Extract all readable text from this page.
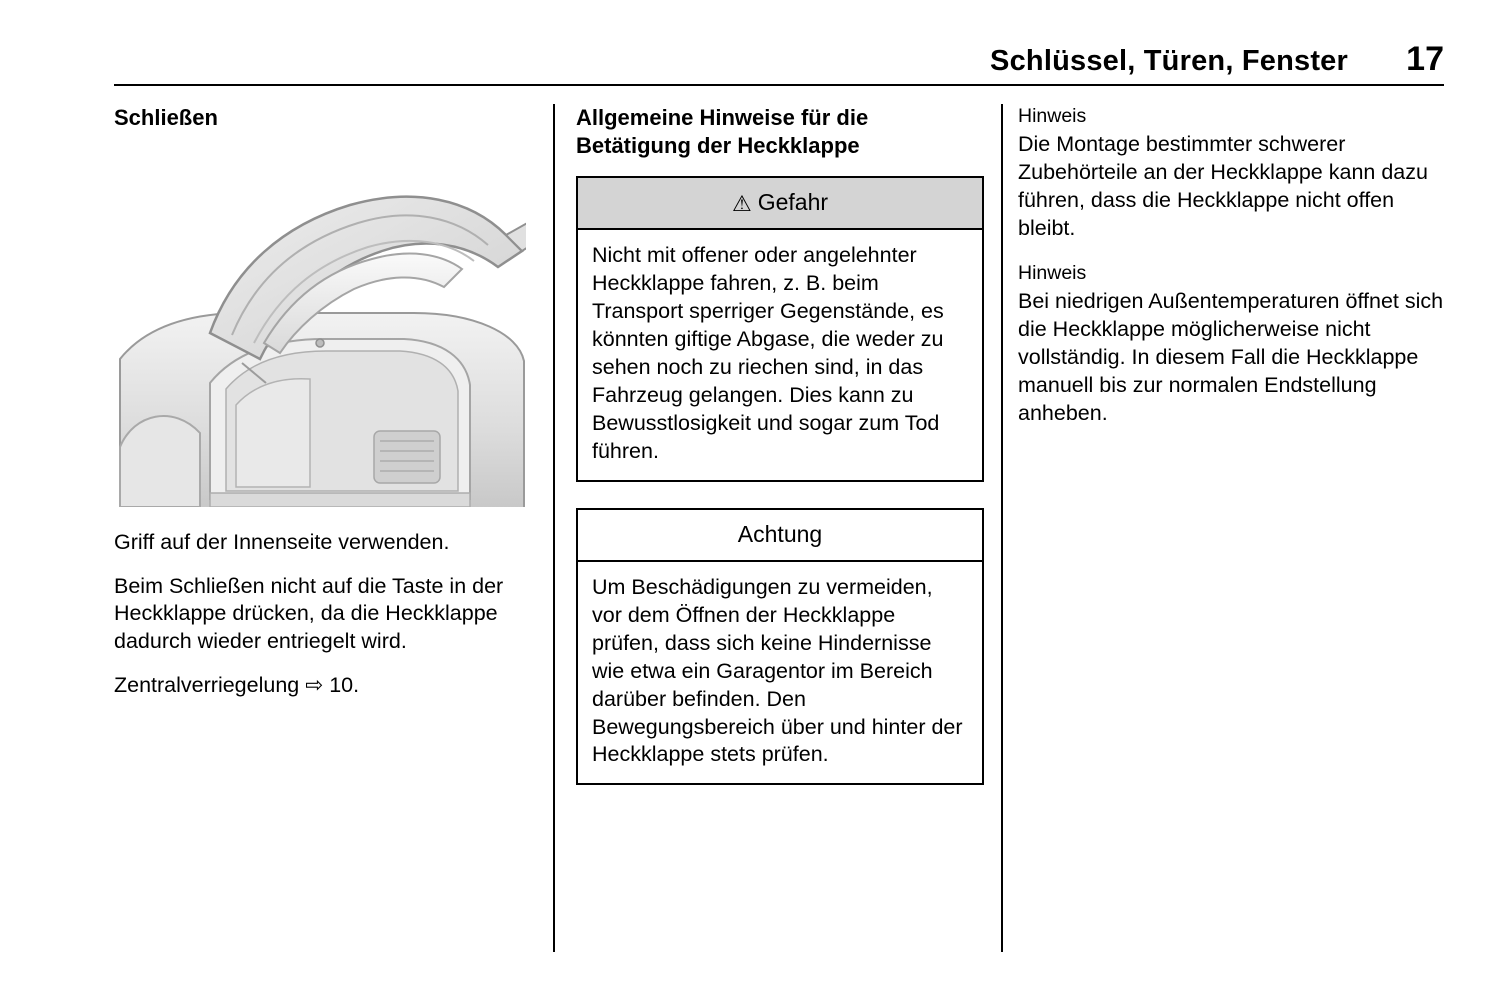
Schlüssel, Türen, Fenster	17
Schließen

Griff auf der Innenseite verwenden.

Beim Schließen nicht auf die Taste in der Heckklappe drücken, da die Heckklappe dadurch wieder entriegelt wird.

Zentralverriegelung ⇨ 10.

Allgemeine Hinweise für die Betätigung der Heckklappe
⚠ Gefahr
Nicht mit offener oder angelehnter Heckklappe fahren, z. B. beim Transport sperriger Gegenstände, es könnten giftige Abgase, die weder zu sehen noch zu riechen sind, in das Fahrzeug gelangen. Dies kann zu Bewusstlosigkeit und sogar zum Tod führen.
Achtung
Um Beschädigungen zu vermeiden, vor dem Öffnen der Heckklappe prüfen, dass sich keine Hindernisse wie etwa ein Garagentor im Bereich darüber befinden. Den Bewegungsbereich über und hinter der Heckklappe stets prüfen.

Hinweis

Die Montage bestimmter schwerer Zubehörteile an der Heckklappe kann dazu führen, dass die Heckklappe nicht offen bleibt.

Hinweis

Bei niedrigen Außentemperaturen öffnet sich die Heckklappe möglicherweise nicht vollständig. In diesem Fall die Heckklappe manuell bis zur normalen Endstellung anheben.
